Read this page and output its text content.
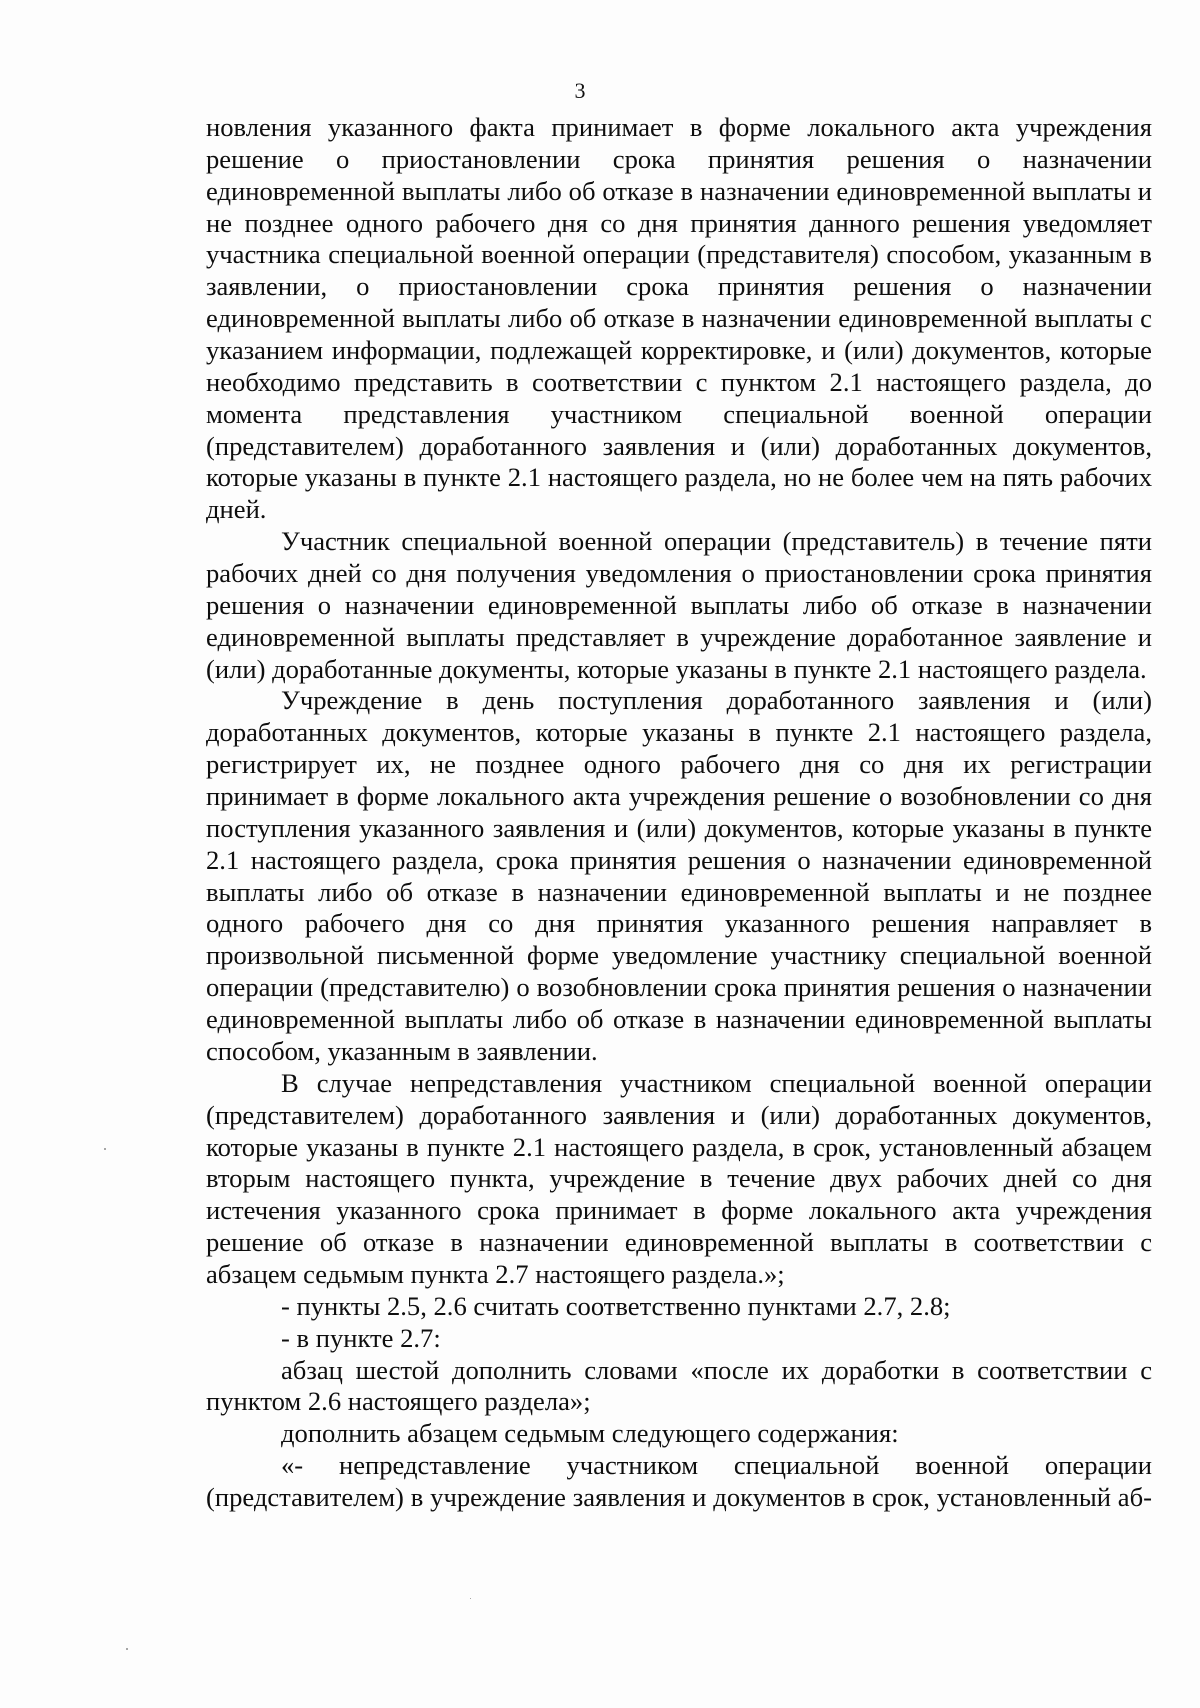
3

новления указанного факта принимает в форме локального акта учреждения решение о приостановлении срока принятия решения о назначении единовременной выплаты либо об отказе в назначении единовременной выплаты и не позднее одного рабочего дня со дня принятия данного решения уведомляет участника специальной военной операции (представителя) способом, указанным в заявлении, о приостановлении срока принятия решения о назначении единовременной выплаты либо об отказе в назначении единовременной выплаты с указанием информации, подлежащей корректировке, и (или) документов, которые необходимо представить в соответствии с пунктом 2.1 настоящего раздела, до момента представления участником специальной военной операции (представителем) доработанного заявления и (или) доработанных документов, которые указаны в пункте 2.1 настоящего раздела, но не более чем на пять рабочих дней.

Участник специальной военной операции (представитель) в течение пяти рабочих дней со дня получения уведомления о приостановлении срока принятия решения о назначении единовременной выплаты либо об отказе в назначении единовременной выплаты представляет в учреждение доработанное заявление и (или) доработанные документы, которые указаны в пункте 2.1 настоящего раздела.

Учреждение в день поступления доработанного заявления и (или) доработанных документов, которые указаны в пункте 2.1 настоящего раздела, регистрирует их, не позднее одного рабочего дня со дня их регистрации принимает в форме локального акта учреждения решение о возобновлении со дня поступления указанного заявления и (или) документов, которые указаны в пункте 2.1 настоящего раздела, срока принятия решения о назначении единовременной выплаты либо об отказе в назначении единовременной выплаты и не позднее одного рабочего дня со дня принятия указанного решения направляет в произвольной письменной форме уведомление участнику специальной военной операции (представителю) о возобновлении срока принятия решения о назначении единовременной выплаты либо об отказе в назначении единовременной выплаты способом, указанным в заявлении.

В случае непредставления участником специальной военной операции (представителем) доработанного заявления и (или) доработанных документов, которые указаны в пункте 2.1 настоящего раздела, в срок, установленный абзацем вторым настоящего пункта, учреждение в течение двух рабочих дней со дня истечения указанного срока принимает в форме локального акта учреждения решение об отказе в назначении единовременной выплаты в соответствии с абзацем седьмым пункта 2.7 настоящего раздела.»;

- пункты 2.5, 2.6 считать соответственно пунктами 2.7, 2.8;

- в пункте 2.7:

абзац шестой дополнить словами «после их доработки в соответствии с пунктом 2.6 настоящего раздела»;

дополнить абзацем седьмым следующего содержания:

«- непредставление участником специальной военной операции (представителем) в учреждение заявления и документов в срок, установленный аб-
